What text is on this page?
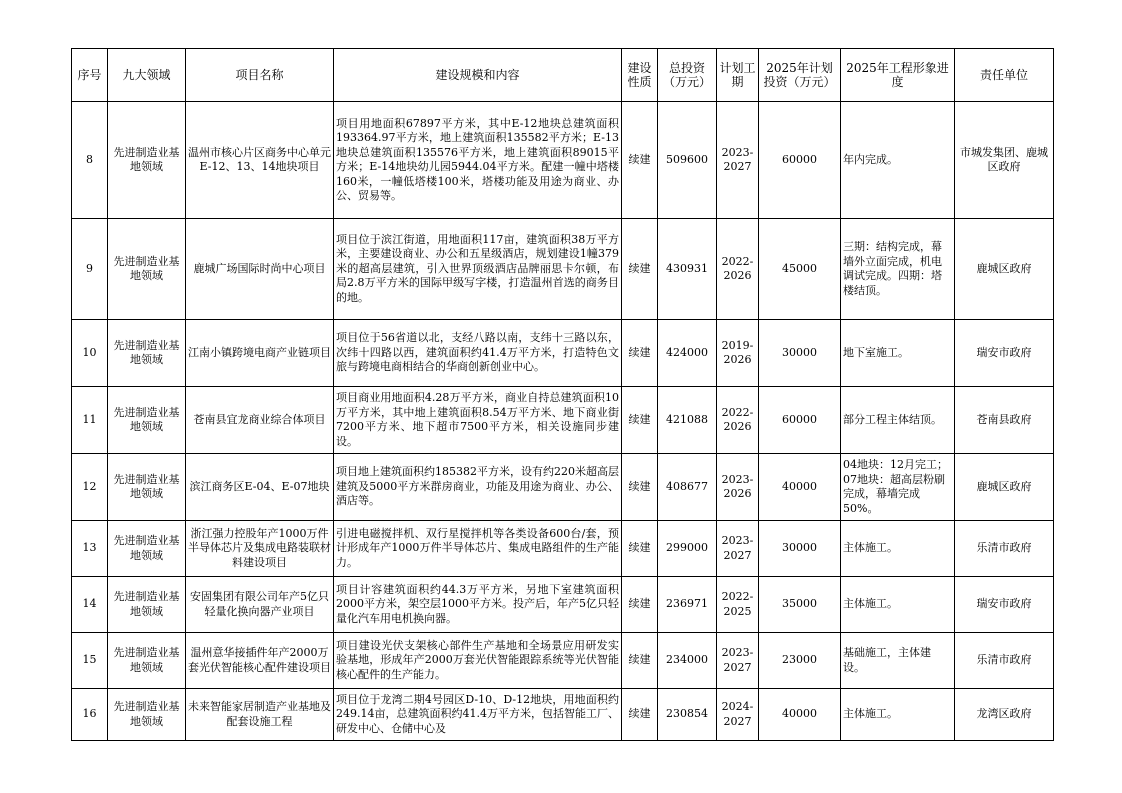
序号	九大领域	项目名称	建设规模和内容	建设性质	总投资（万元）	计划工期	2025年计划投资（万元）	2025年工程形象进度	责任单位
8	先进制造业基地领域	温州市核心片区商务中心单元E-12、13、14地块项目	项目用地面积67897平方米，其中E-12地块总建筑面积193364.97平方米，地上建筑面积135582平方米；E-13地块总建筑面积135576平方米，地上建筑面积89015平方米；E-14地块幼儿园5944.04平方米。配建一幢中塔楼160米，一幢低塔楼100米，塔楼功能及用途为商业、办公、贸易等。	续建	509600	2023-2027	60000	年内完成。	市城发集团、鹿城区政府
9	先进制造业基地领域	鹿城广场国际时尚中心项目	项目位于滨江街道，用地面积117亩，建筑面积38万平方米，主要建设商业、办公和五星级酒店，规划建设1幢379米的超高层建筑，引入世界顶级酒店品牌丽思卡尔顿，布局2.8万平方米的国际甲级写字楼，打造温州首选的商务目的地。	续建	430931	2022-2026	45000	三期：结构完成，幕墙外立面完成，机电调试完成。四期：塔楼结顶。	鹿城区政府
10	先进制造业基地领域	江南小镇跨境电商产业链项目	项目位于56省道以北，支经八路以南，支纬十三路以东，次纬十四路以西，建筑面积约41.4万平方米，打造特色文旅与跨境电商相结合的华商创新创业中心。	续建	424000	2019-2026	30000	地下室施工。	瑞安市政府
11	先进制造业基地领域	苍南县宜龙商业综合体项目	项目商业用地面积4.28万平方米，商业自持总建筑面积10万平方米，其中地上建筑面积8.54万平方米、地下商业街7200平方米、地下超市7500平方米，相关设施同步建设。	续建	421088	2022-2026	60000	部分工程主体结顶。	苍南县政府
12	先进制造业基地领域	滨江商务区E-04、E-07地块	项目地上建筑面积约185382平方米，设有约220米超高层建筑及5000平方米群房商业，功能及用途为商业、办公、酒店等。	续建	408677	2023-2026	40000	04地块：12月完工；07地块：超高层粉刷完成，幕墙完成50%。	鹿城区政府
13	先进制造业基地领域	浙江强力控股年产1000万件半导体芯片及集成电路装联材料建设项目	引进电磁搅拌机、双行星搅拌机等各类设备600台/套，预计形成年产1000万件半导体芯片、集成电路组件的生产能力。	续建	299000	2023-2027	30000	主体施工。	乐清市政府
14	先进制造业基地领域	安固集团有限公司年产5亿只轻量化换向器产业项目	项目计容建筑面积约44.3万平方米，另地下室建筑面积2000平方米，架空层1000平方米。投产后，年产5亿只轻量化汽车用电机换向器。	续建	236971	2022-2025	35000	主体施工。	瑞安市政府
15	先进制造业基地领域	温州意华接插件年产2000万套光伏智能核心配件建设项目	项目建设光伏支架核心部件生产基地和全场景应用研发实验基地，形成年产2000万套光伏智能跟踪系统等光伏智能核心配件的生产能力。	续建	234000	2023-2027	23000	基础施工，主体建设。	乐清市政府
16	先进制造业基地领域	未来智能家居制造产业基地及配套设施工程	项目位于龙湾二期4号园区D-10、D-12地块，用地面积约249.14亩，总建筑面积约41.4万平方米，包括智能工厂、研发中心、仓储中心及	续建	230854	2024-2027	40000	主体施工。	龙湾区政府
